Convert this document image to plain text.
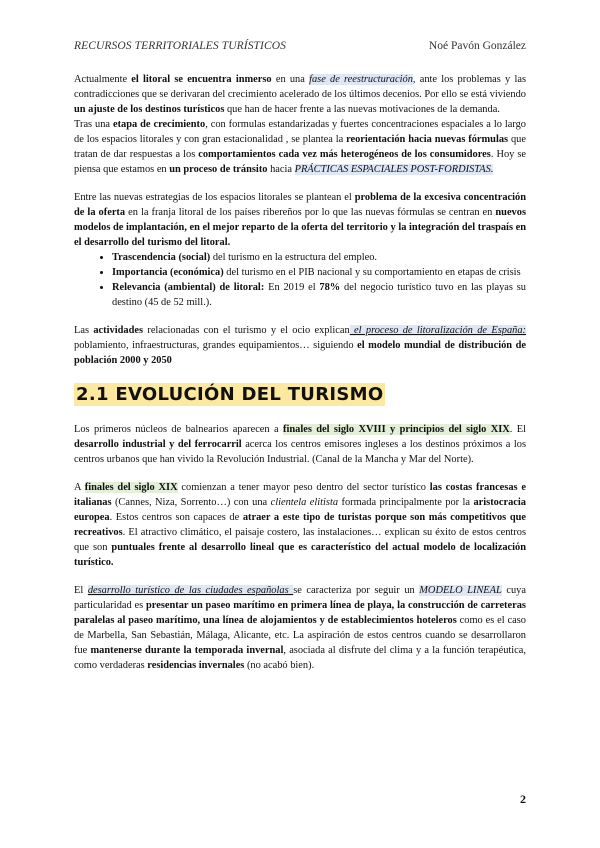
RECURSOS TERRITORIALES TURÍSTICOS	Noé Pavón González

Actualmente el litoral se encuentra inmerso en una fase de reestructuración, ante los problemas y las contradicciones que se derivaran del crecimiento acelerado de los últimos decenios. Por ello se está viviendo un ajuste de los destinos turísticos que han de hacer frente a las nuevas motivaciones de la demanda.

Tras una etapa de crecimiento, con formulas estandarizadas y fuertes concentraciones espaciales a lo largo de los espacios litorales y con gran estacionalidad , se plantea la reorientación hacia nuevas fórmulas que tratan de dar respuestas a los comportamientos cada vez más heterogéneos de los consumidores. Hoy se piensa que estamos en un proceso de tránsito hacia PRÁCTICAS ESPACIALES POST-FORDISTAS.

Entre las nuevas estrategias de los espacios litorales se plantean el problema de la excesiva concentración de la oferta en la franja litoral de los países ribereños por lo que las nuevas fórmulas se centran en nuevos modelos de implantación, en el mejor reparto de la oferta del territorio y la integración del traspaís en el desarrollo del turismo del litoral.

• Trascendencia (social) del turismo en la estructura del empleo.
• Importancia (económica) del turismo en el PIB nacional y su comportamiento en etapas de crisis
• Relevancia (ambiental) de litoral: En 2019 el 78% del negocio turístico tuvo en las playas su destino (45 de 52 mill.).

Las actividades relacionadas con el turismo y el ocio explican el proceso de litoralización de España: poblamiento, infraestructuras, grandes equipamientos… siguiendo el modelo mundial de distribución de población 2000 y 2050

2.1 EVOLUCIÓN DEL TURISMO

Los primeros núcleos de balnearios aparecen a finales del siglo XVIII y principios del siglo XIX. El desarrollo industrial y del ferrocarril acerca los centros emisores ingleses a los destinos próximos a los centros urbanos que han vivido la Revolución Industrial. (Canal de la Mancha y Mar del Norte).

A finales del siglo XIX comienzan a tener mayor peso dentro del sector turístico las costas francesas e italianas (Cannes, Niza, Sorrento…) con una clientela elitista formada principalmente por la aristocracia europea. Estos centros son capaces de atraer a este tipo de turistas porque son más competitivos que recreativos. El atractivo climático, el paisaje costero, las instalaciones… explican su éxito de estos centros que son puntuales frente al desarrollo lineal que es característico del actual modelo de localización turístico.

El desarrollo turístico de las ciudades españolas se caracteriza por seguir un MODELO LINEAL cuya particularidad es presentar un paseo marítimo en primera línea de playa, la construcción de carreteras paralelas al paseo marítimo, una línea de alojamientos y de establecimientos hoteleros como es el caso de Marbella, San Sebastián, Málaga, Alicante, etc. La aspiración de estos centros cuando se desarrollaron fue mantenerse durante la temporada invernal, asociada al disfrute del clima y a la función terapéutica, como verdaderas residencias invernales (no acabó bien).

2
